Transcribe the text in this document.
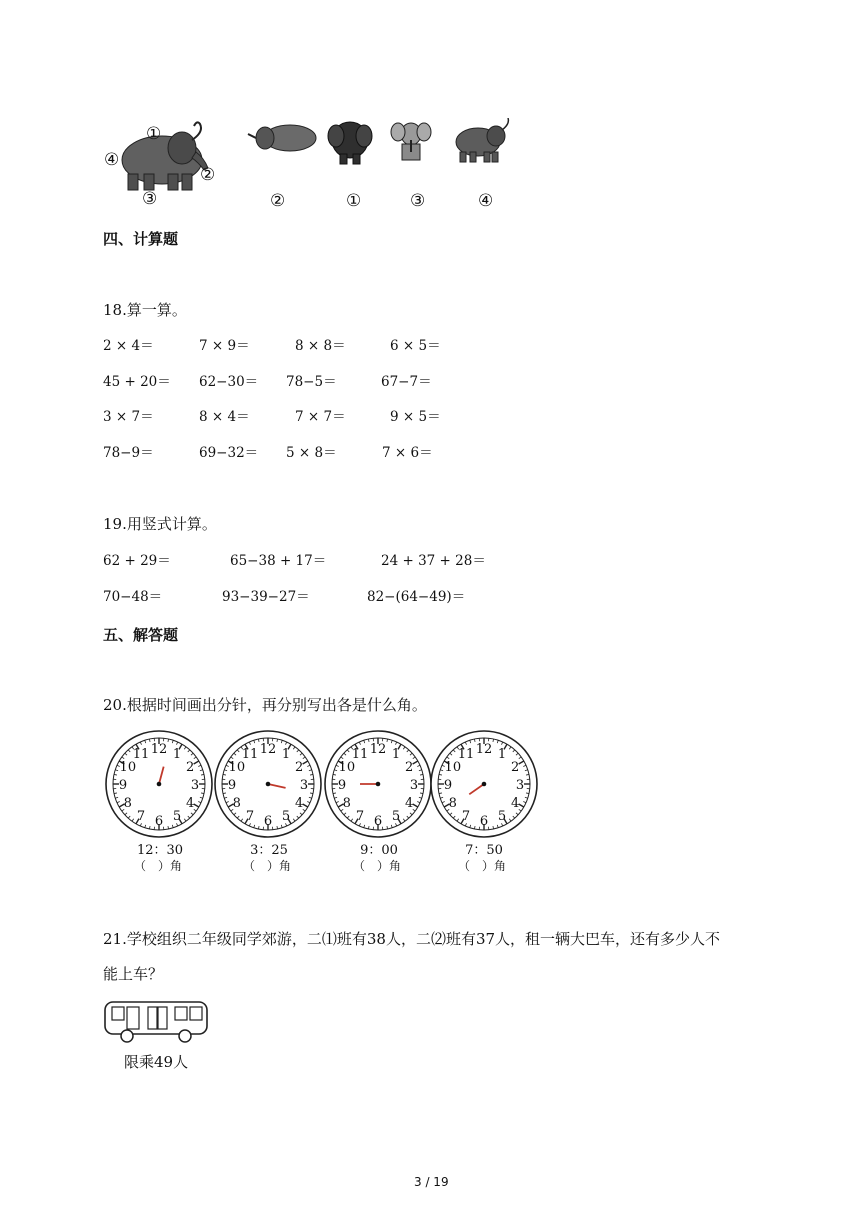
①
②
③
④
②	①	③	④
四、计算题
18.算一算。
2 × 4＝	7 × 9＝	8 × 8＝	6 × 5＝
45 + 20＝ 62−30＝ 78−5＝	67−7＝
3 × 7＝	8 × 4＝	7 × 7＝	9 × 5＝
78−9＝	69−32＝ 5 × 8＝	7 × 6＝
19.用竖式计算。
62 + 29＝	65−38 + 17＝	24 + 37 + 28＝
70−48＝	93−39−27＝	82−(64−49)＝
五、解答题
20.根据时间画出分针，再分别写出各是什么角。
12 1
2
3
4
5
6
7
8
9
10
11	12 1
2
3
4
5
6
7
8
9
10
11	12 1
2
3
4
5
6
7
8
9
10
11	12 1
2
3
4
5
6
7
8
9
10
11
12：30	3：25	9：00	7：50
（　）角	（　）角	（　）角	（　）角
21.学校组织二年级同学郊游，二⑴班有38人，二⑵班有37人，租一辆大巴车，还有多少人不
能上车？
限乘49人
3 / 19
